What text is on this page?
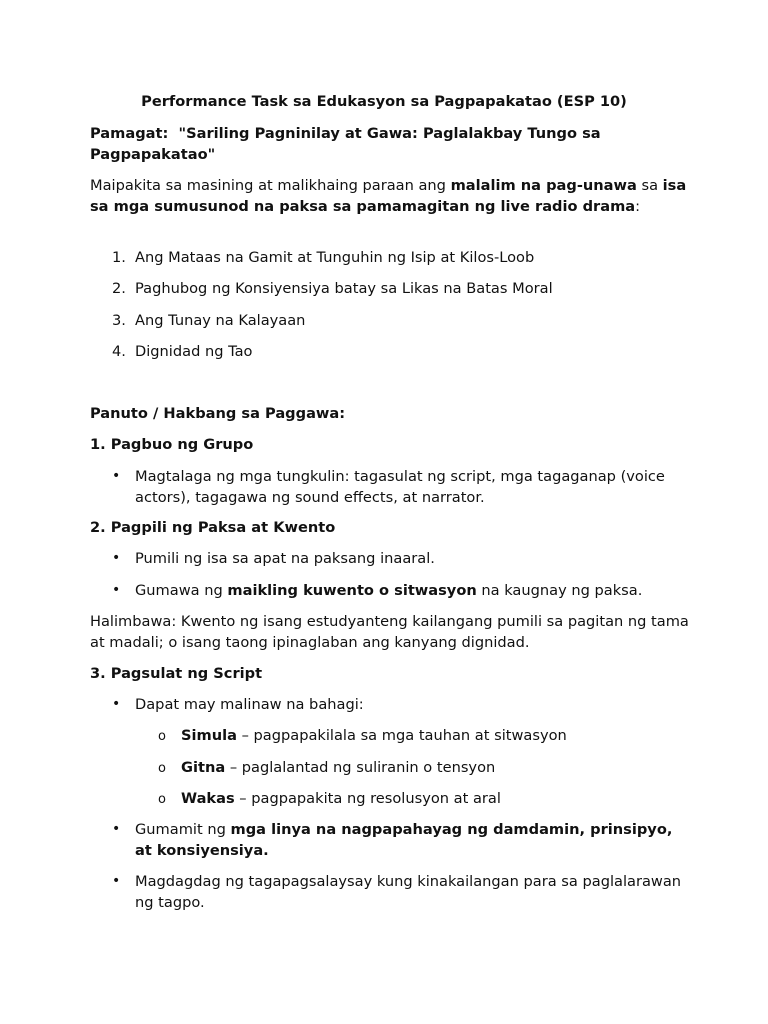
Performance Task sa Edukasyon sa Pagpapakatao (ESP 10)

Pamagat: "Sariling Pagninilay at Gawa: Paglalakbay Tungo sa Pagpapakatao"

Maipakita sa masining at malikhaing paraan ang malalim na pag-unawa sa isa sa mga sumusunod na paksa sa pamamagitan ng live radio drama:

1. Ang Mataas na Gamit at Tunguhin ng Isip at Kilos-Loob
2. Paghubog ng Konsiyensiya batay sa Likas na Batas Moral
3. Ang Tunay na Kalayaan
4. Dignidad ng Tao

Panuto / Hakbang sa Paggawa:

1. Pagbuo ng Grupo

• Magtalaga ng mga tungkulin: tagasulat ng script, mga tagaganap (voice actors), tagagawa ng sound effects, at narrator.

2. Pagpili ng Paksa at Kwento

• Pumili ng isa sa apat na paksang inaaral.
• Gumawa ng maikling kuwento o sitwasyon na kaugnay ng paksa.

Halimbawa: Kwento ng isang estudyanteng kailangang pumili sa pagitan ng tama at madali; o isang taong ipinaglaban ang kanyang dignidad.

3. Pagsulat ng Script

• Dapat may malinaw na bahagi:
o Simula – pagpapakilala sa mga tauhan at sitwasyon
o Gitna – paglalantad ng suliranin o tensyon
o Wakas – pagpapakita ng resolusyon at aral
• Gumamit ng mga linya na nagpapahayag ng damdamin, prinsipyo, at konsiyensiya.
• Magdagdag ng tagapagsalaysay kung kinakailangan para sa paglalarawan ng tagpo.
